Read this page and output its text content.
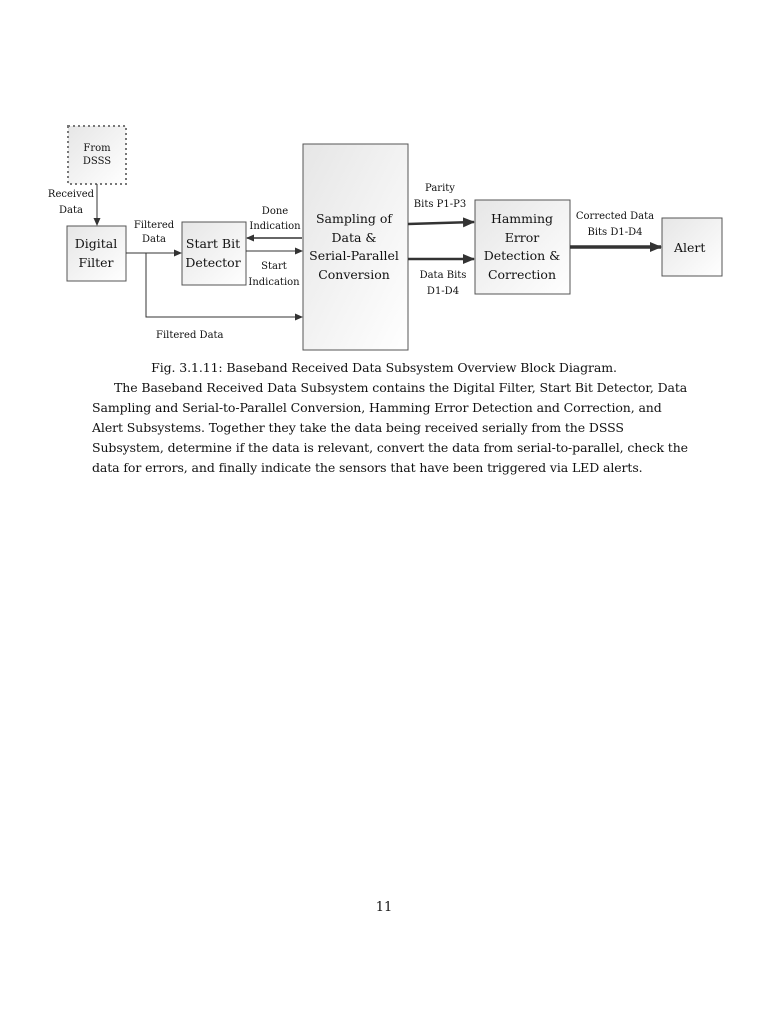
From
DSSS
Digital
Filter
Start Bit
Detector
Sampling of
Data &
Serial-Parallel
Conversion
Hamming
Error
Detection &
Correction
Alert
Received
Data
Filtered
Data
Done
Indication
Start
Indication
Filtered Data
Parity
Bits P1-P3
Data Bits
D1-D4
Corrected Data
Bits D1-D4
Fig. 3.1.11: Baseband Received Data Subsystem Overview Block Diagram.
The Baseband Received Data Subsystem contains the Digital Filter, Start Bit Detector, Data Sampling and Serial-to-Parallel Conversion, Hamming Error Detection and Correction, and Alert Subsystems. Together they take the data being received serially from the DSSS Subsystem, determine if the data is relevant, convert the data from serial-to-parallel, check the data for errors, and finally indicate the sensors that have been triggered via LED alerts.
11
